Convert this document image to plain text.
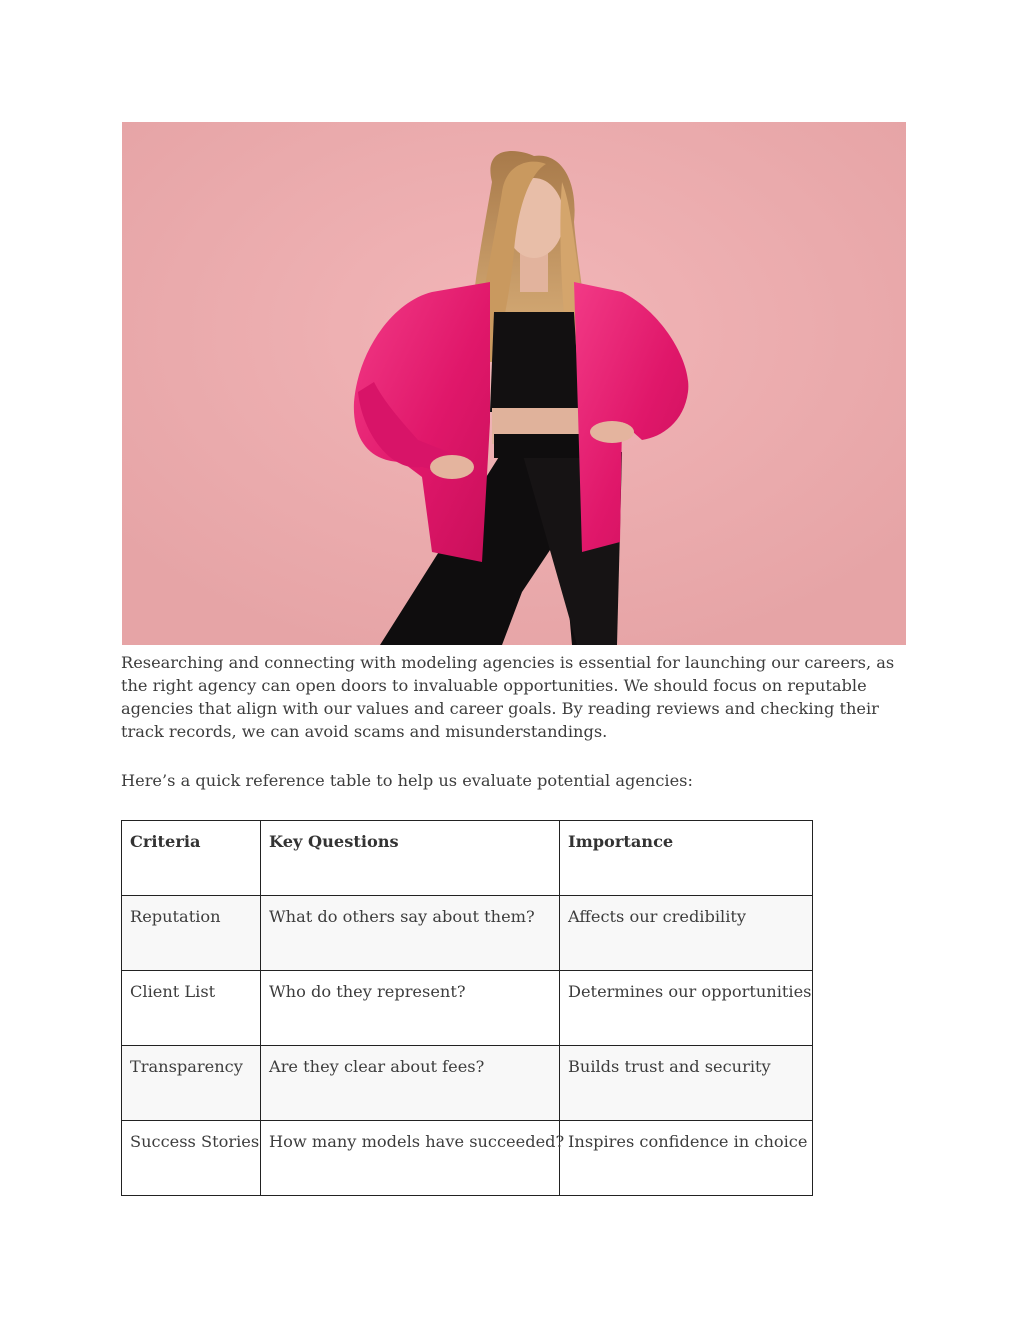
Researching and connecting with modeling agencies is essential for launching our careers, as the right agency can open doors to invaluable opportunities. We should focus on reputable agencies that align with our values and career goals. By reading reviews and checking their track records, we can avoid scams and misunderstandings.

Here’s a quick reference table to help us evaluate potential agencies:

Criteria	Key Questions	Importance
Reputation	What do others say about them?	Affects our credibility
Client List	Who do they represent?	Determines our opportunities
Transparency	Are they clear about fees?	Builds trust and security
Success Stories	How many models have succeeded?	Inspires confidence in choice
